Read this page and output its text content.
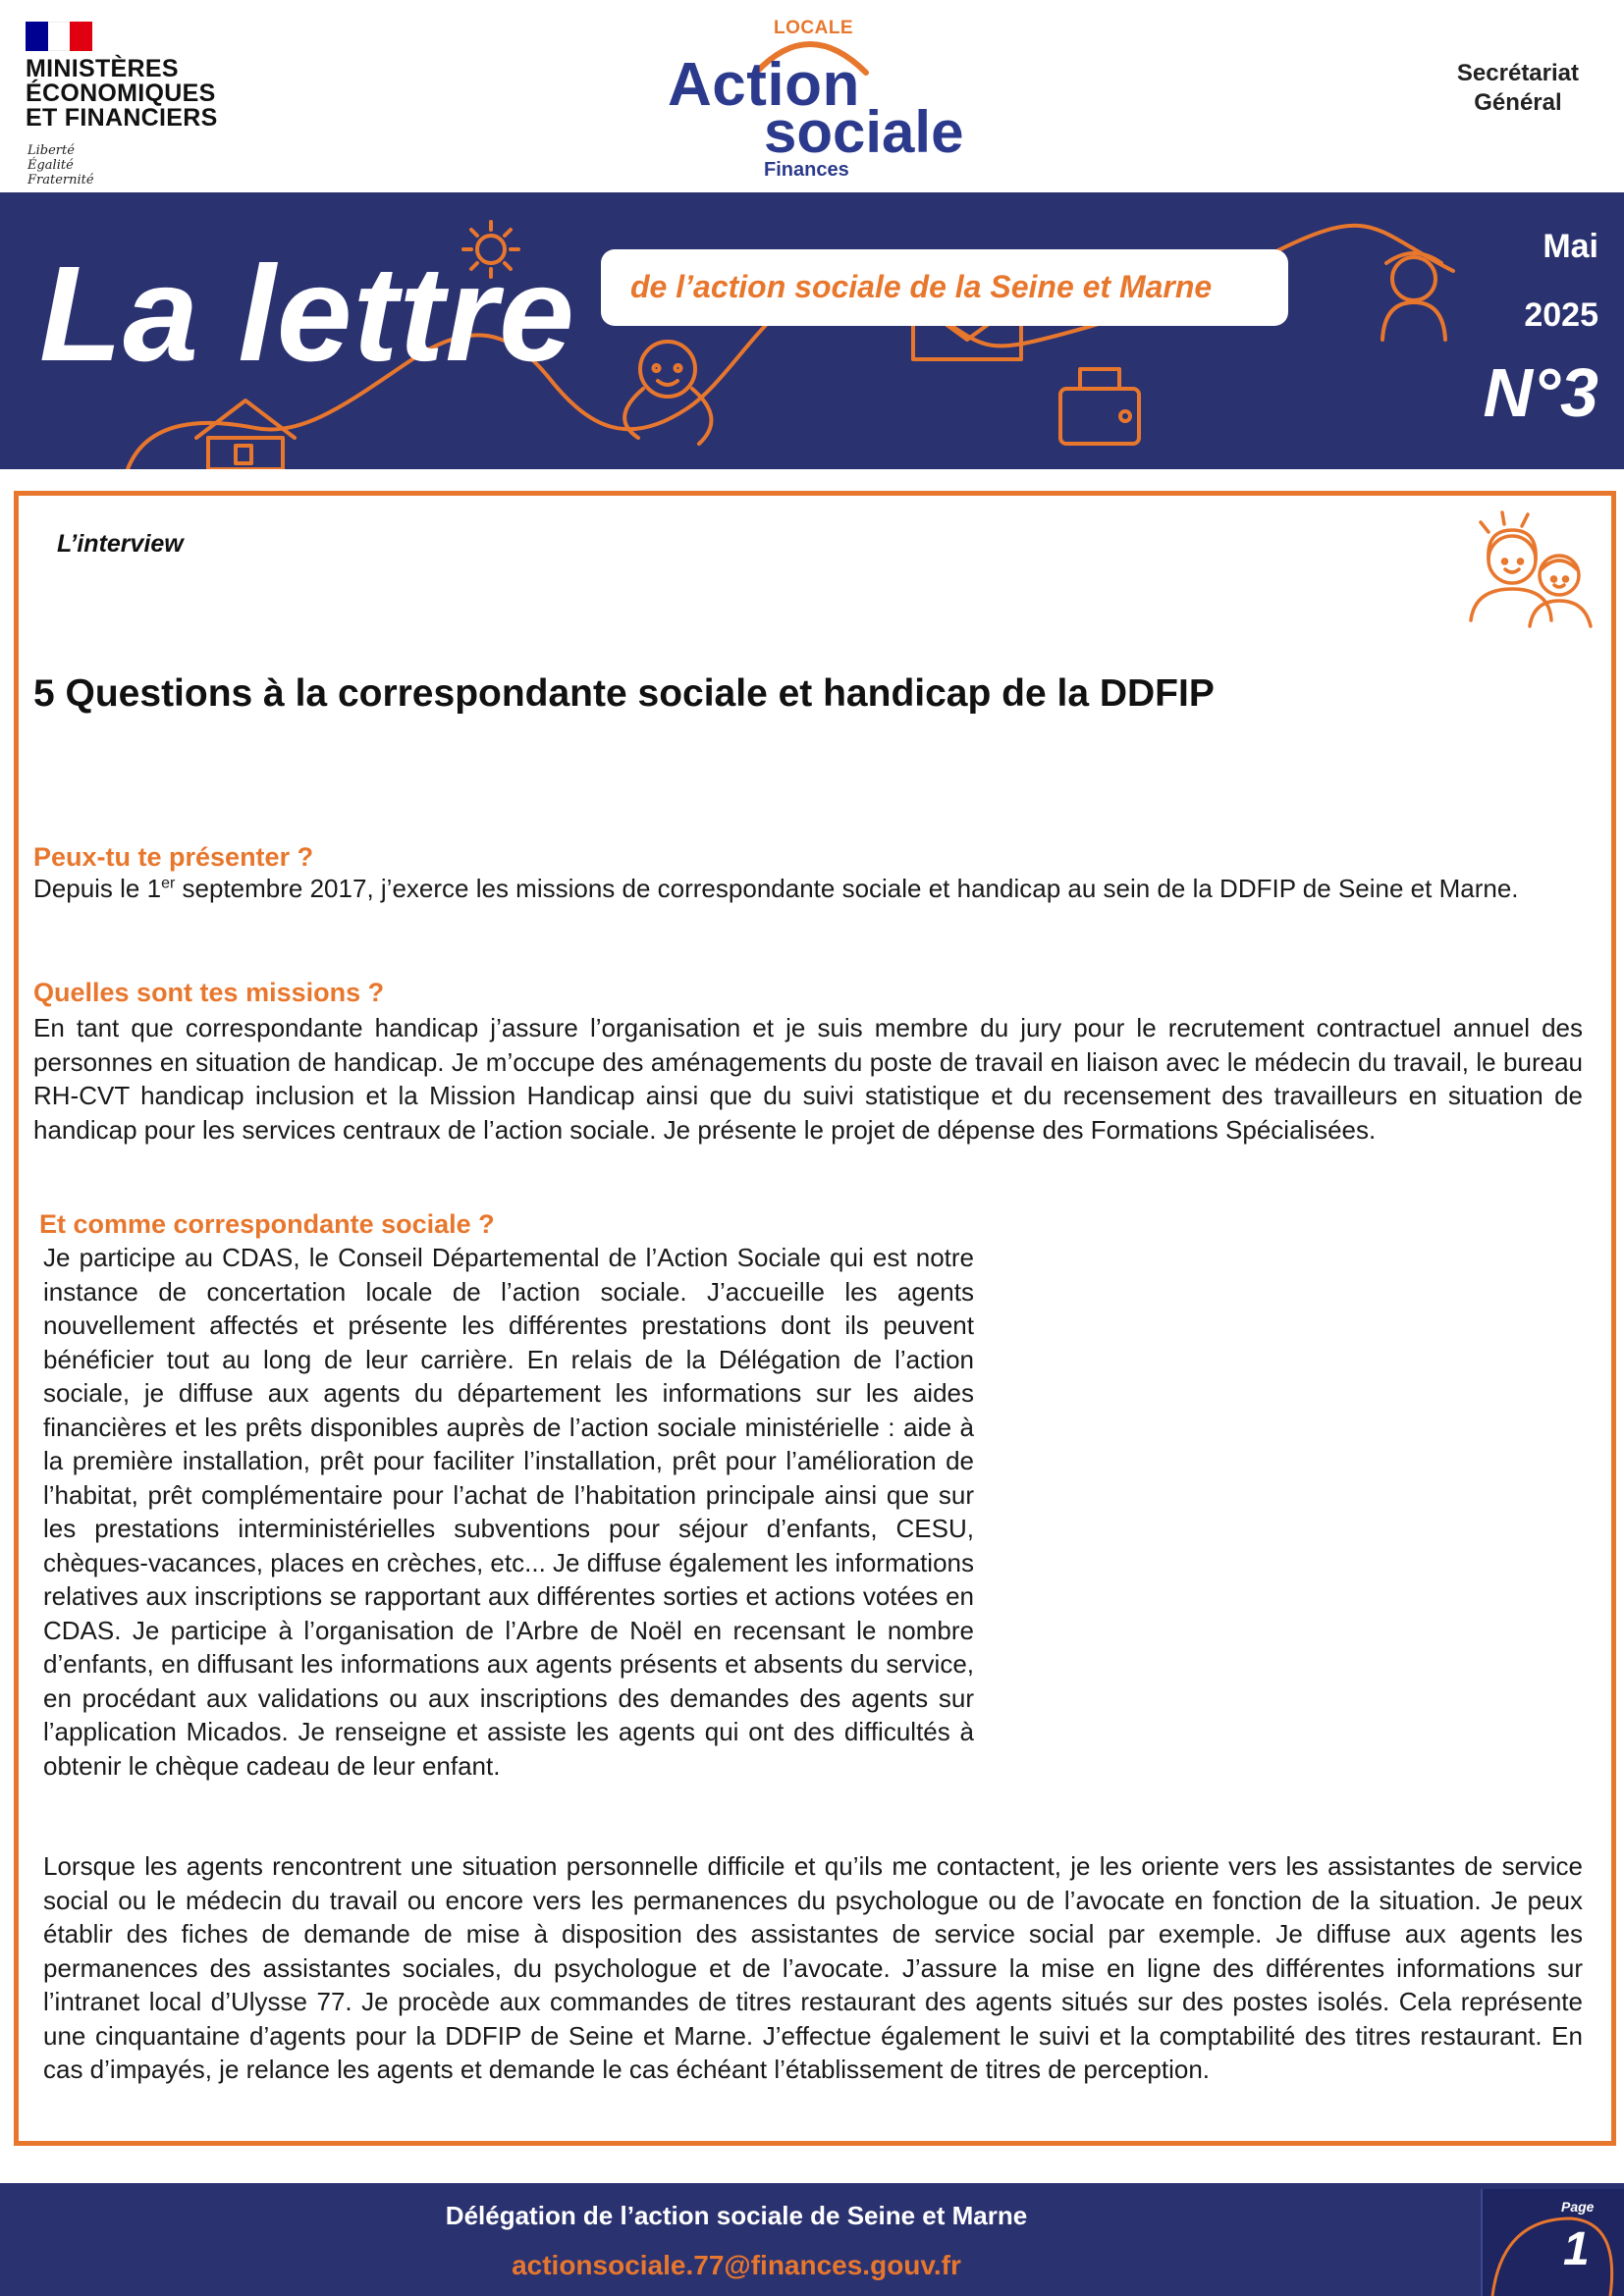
MINISTÈRES
ÉCONOMIQUES
ET FINANCIERS
Liberté
Égalité
Fraternité
LOCALE
Action
sociale
Finances
Secrétariat
Général
La lettre de l’action sociale de la Seine et Marne
Mai
2025
N°3
L’interview
5 Questions à la correspondante sociale et handicap de la DDFIP
Peux-tu te présenter ?

Depuis le 1er septembre 2017, j’exerce les missions de correspondante sociale et handicap au sein de la DDFIP de Seine et Marne.

Quelles sont tes missions ?

En tant que correspondante handicap j’assure l’organisation et je suis membre du jury pour le recrutement contractuel annuel des personnes en situation de handicap. Je m’occupe des aménagements du poste de travail en liaison avec le médecin du travail, le bureau RH-CVT handicap inclusion et la Mission Handicap ainsi que du suivi statistique et du recensement des travailleurs en situation de handicap pour les services centraux de l’action sociale. Je présente le projet de dépense des Formations Spécialisées.

Et comme correspondante sociale ?

Je participe au CDAS, le Conseil Départemental de l’Action Sociale qui est notre instance de concertation locale de l’action sociale. J’accueille les agents nouvellement affectés et présente les différentes prestations dont ils peuvent bénéficier tout au long de leur carrière. En relais de la Délégation de l’action sociale, je diffuse aux agents du département les informations sur les aides financières et les prêts disponibles auprès de l’action sociale ministérielle : aide à la première installation, prêt pour faciliter l’installation, prêt pour l’amélioration de l’habitat, prêt complémentaire pour l’achat de l’habitation principale ainsi que sur les prestations interministérielles subventions pour séjour d’enfants, CESU, chèques-vacances, places en crèches, etc... Je diffuse également les informations relatives aux inscriptions se rapportant aux différentes sorties et actions votées en CDAS. Je participe à l’organisation de l’Arbre de Noël en recensant le nombre d’enfants, en diffusant les informations aux agents présents et absents du service, en procédant aux validations ou aux inscriptions des demandes des agents sur l’application Micados. Je renseigne et assiste les agents qui ont des difficultés à obtenir le chèque cadeau de leur enfant.

Lorsque les agents rencontrent une situation personnelle difficile et qu’ils me contactent, je les oriente vers les assistantes de service social ou le médecin du travail ou encore vers les permanences du psychologue ou de l’avocate en fonction de la situation. Je peux établir des fiches de demande de mise à disposition des assistantes de service social par exemple. Je diffuse aux agents les permanences des assistantes sociales, du psychologue et de l’avocate. J’assure la mise en ligne des différentes informations sur l’intranet local d’Ulysse 77. Je procède aux commandes de titres restaurant des agents situés sur des postes isolés. Cela représente une cinquantaine d’agents pour la DDFIP de Seine et Marne. J’effectue également le suivi et la comptabilité des titres restaurant. En cas d’impayés, je relance les agents et demande le cas échéant l’établissement de titres de perception.

Délégation de l’action sociale de Seine et Marne
actionsociale.77@finances.gouv.fr
Page
1
